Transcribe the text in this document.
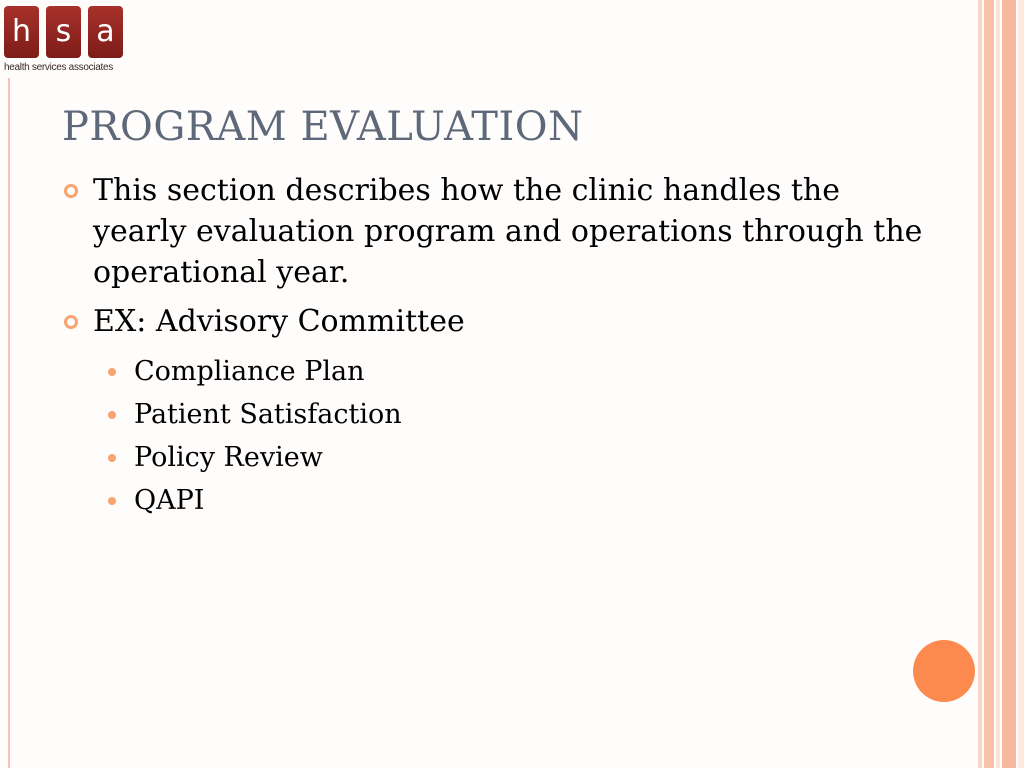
h s a
health services associates
PROGRAM EVALUATION
This section describes how the clinic handles the yearly evaluation program and operations through the operational year.
EX: Advisory Committee
Compliance Plan
Patient Satisfaction
Policy Review
QAPI
